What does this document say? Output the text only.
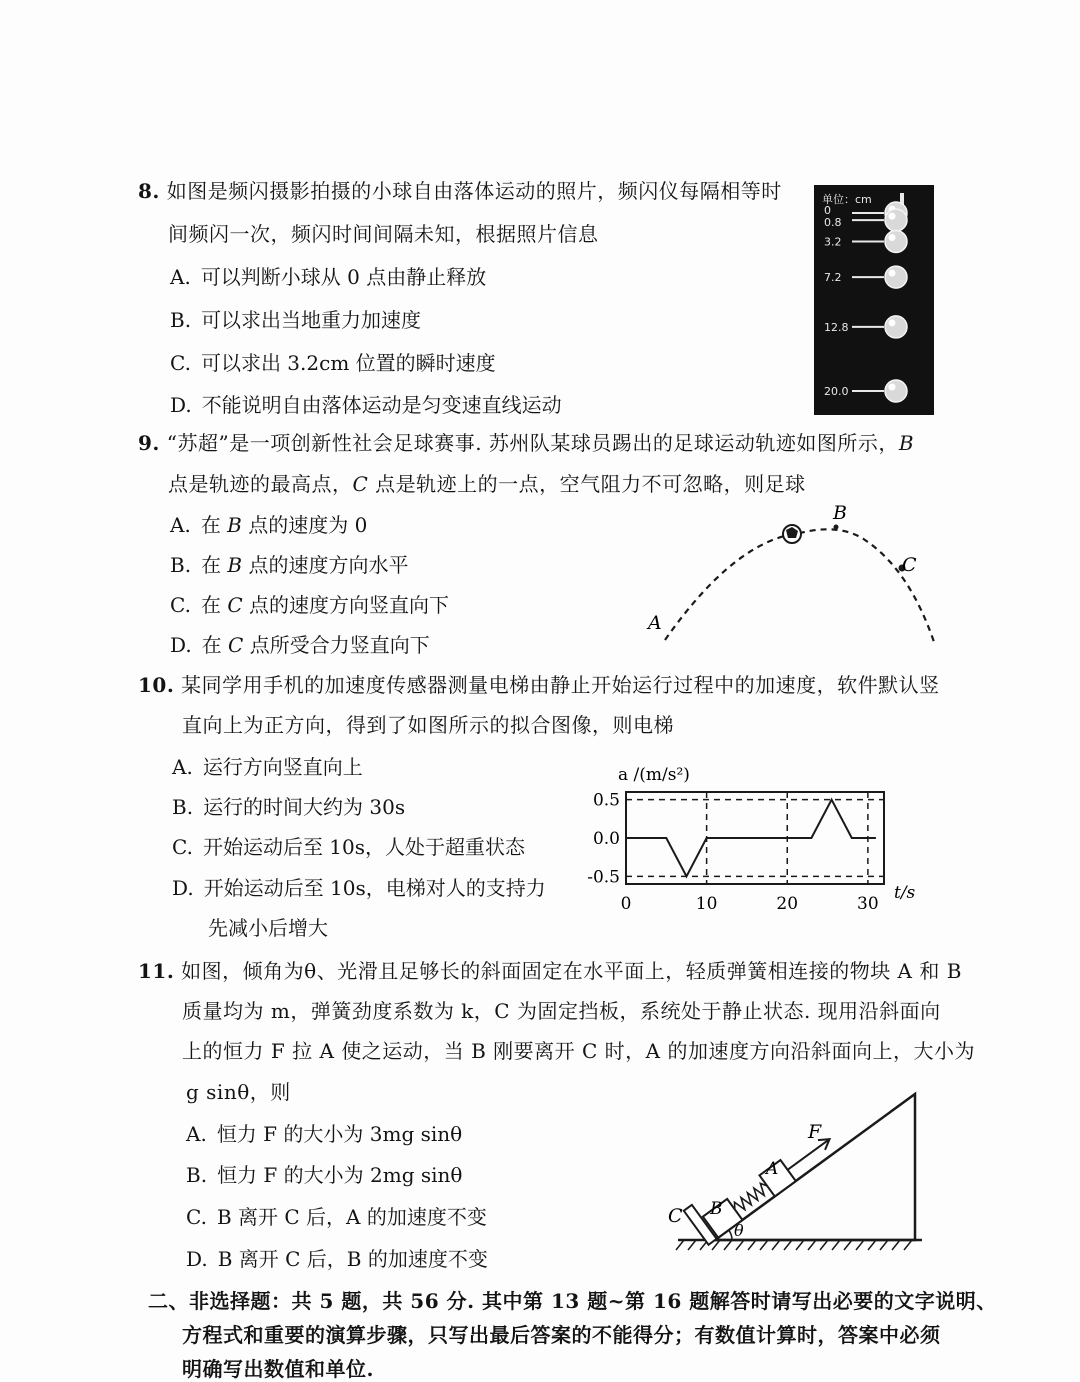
8. 如图是频闪摄影拍摄的小球自由落体运动的照片，频闪仪每隔相等时
间频闪一次，频闪时间间隔未知，根据照片信息
A. 可以判断小球从 0 点由静止释放
B. 可以求出当地重力加速度
C. 可以求出 3.2cm 位置的瞬时速度
D. 不能说明自由落体运动是匀变速直线运动
单位：cm
0
0.8
3.2
7.2
12.8
20.0
9. “苏超”是一项创新性社会足球赛事. 苏州队某球员踢出的足球运动轨迹如图所示，B
点是轨迹的最高点，C 点是轨迹上的一点，空气阻力不可忽略，则足球
A. 在 B 点的速度为 0
B. 在 B 点的速度方向水平
C. 在 C 点的速度方向竖直向下
D. 在 C 点所受合力竖直向下
A
B
C
10. 某同学用手机的加速度传感器测量电梯由静止开始运行过程中的加速度，软件默认竖
直向上为正方向，得到了如图所示的拟合图像，则电梯
A. 运行方向竖直向上
B. 运行的时间大约为 30s
C. 开始运动后至 10s，人处于超重状态
D. 开始运动后至 10s，电梯对人的支持力
先减小后增大
0.5
0.0
-0.5
0	10	20	30
a /(m/s²)
t/s
11. 如图，倾角为θ、光滑且足够长的斜面固定在水平面上，轻质弹簧相连接的物块 A 和 B
质量均为 m，弹簧劲度系数为 k，C 为固定挡板，系统处于静止状态. 现用沿斜面向
上的恒力 F 拉 A 使之运动，当 B 刚要离开 C 时，A 的加速度方向沿斜面向上，大小为
g sinθ，则
A. 恒力 F 的大小为 3mg sinθ
B. 恒力 F 的大小为 2mg sinθ
C. B 离开 C 后，A 的加速度不变
D. B 离开 C 后，B 的加速度不变
C B
A
F
θ
二、非选择题：共 5 题，共 56 分. 其中第 13 题~第 16 题解答时请写出必要的文字说明、
方程式和重要的演算步骤，只写出最后答案的不能得分；有数值计算时，答案中必须
明确写出数值和单位.
